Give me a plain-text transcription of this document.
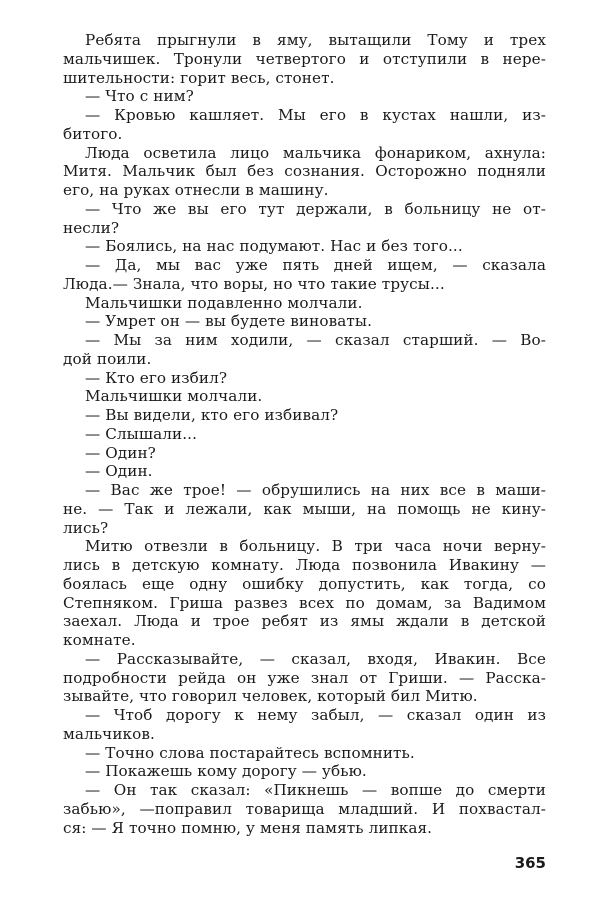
Ребята прыгнули в яму, вытащили Тому и трех
мальчишек. Тронули четвертого и отступили в нере-
шительности: горит весь, стонет.
— Что с ним?
— Кровью кашляет. Мы его в кустах нашли, из-
битого.
Люда осветила лицо мальчика фонариком, ахнула:
Митя. Мальчик был без сознания. Осторожно подняли
его, на руках отнесли в машину.
— Что же вы его тут держали, в больницу не от-
несли?
— Боялись, на нас подумают. Нас и без того...
— Да, мы вас уже пять дней ищем, — сказала
Люда.— Знала, что воры, но что такие трусы...
Мальчишки подавленно молчали.
— Умрет он — вы будете виноваты.
— Мы за ним ходили, — сказал старший. — Во-
дой поили.
— Кто его избил?
Мальчишки молчали.
— Вы видели, кто его избивал?
— Слышали...
— Один?
— Один.
— Вас же трое! — обрушились на них все в маши-
не. — Так и лежали, как мыши, на помощь не кину-
лись?
Митю отвезли в больницу. В три часа ночи верну-
лись в детскую комнату. Люда позвонила Ивакину —
боялась еще одну ошибку допустить, как тогда, со
Степняком. Гриша развез всех по домам, за Вадимом
заехал. Люда и трое ребят из ямы ждали в детской
комнате.
— Рассказывайте, — сказал, входя, Ивакин. Все
подробности рейда он уже знал от Гриши. — Расска-
зывайте, что говорил человек, который бил Митю.
— Чтоб дорогу к нему забыл, — сказал один из
мальчиков.
— Точно слова постарайтесь вспомнить.
— Покажешь кому дорогу — убью.
— Он так сказал: «Пикнешь — вопше до смерти
забью», —поправил товарища младший. И похвастал-
ся: — Я точно помню, у меня память липкая.
365
